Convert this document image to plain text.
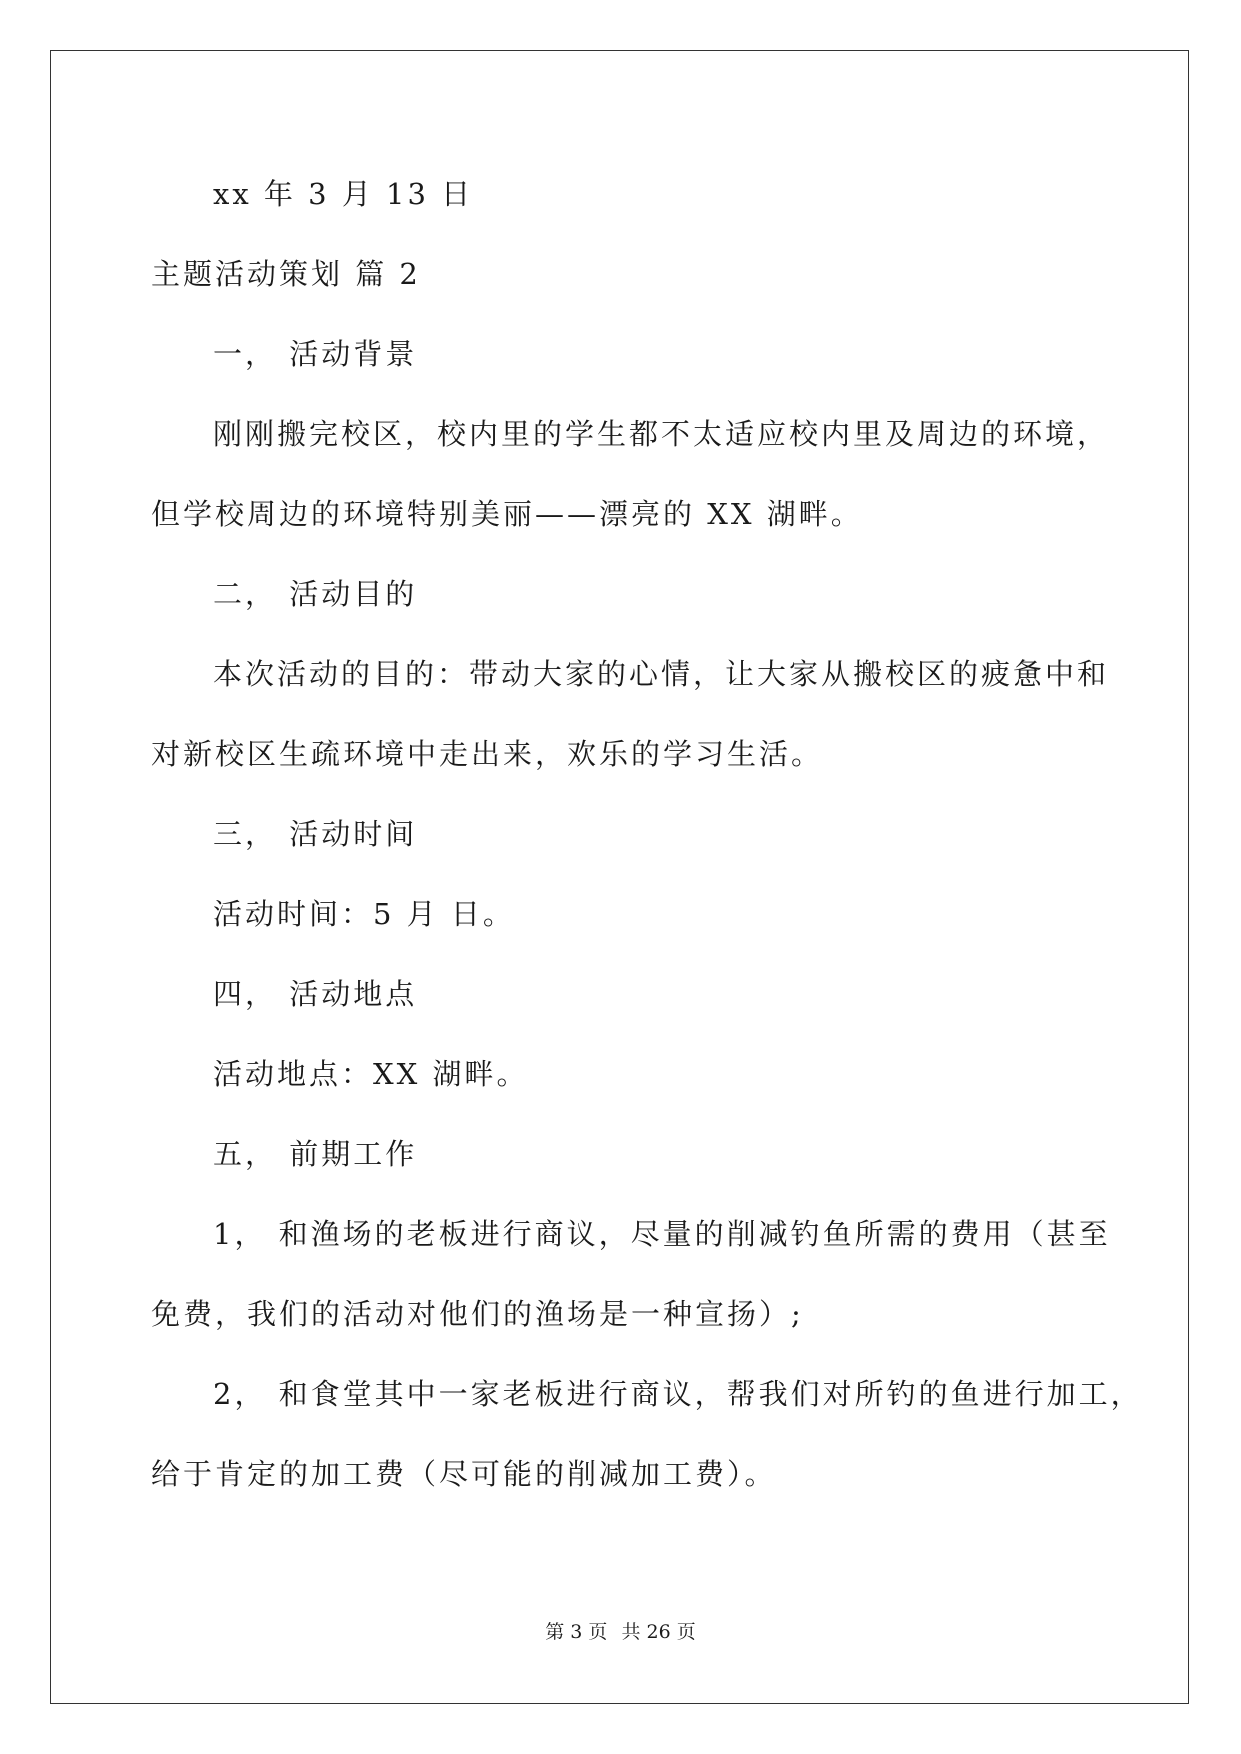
xx 年 3 月 13 日
主题活动策划 篇 2
一， 活动背景
刚刚搬完校区，校内里的学生都不太适应校内里及周边的环境，
但学校周边的环境特别美丽——漂亮的 XX 湖畔。
二， 活动目的
本次活动的目的：带动大家的心情，让大家从搬校区的疲惫中和
对新校区生疏环境中走出来，欢乐的学习生活。
三， 活动时间
活动时间：5 月 日。
四， 活动地点
活动地点：XX 湖畔。
五， 前期工作
1， 和渔场的老板进行商议，尽量的削减钓鱼所需的费用（甚至
免费，我们的活动对他们的渔场是一种宣扬）;
2， 和食堂其中一家老板进行商议，帮我们对所钓的鱼进行加工，
给于肯定的加工费（尽可能的削减加工费）。
第 3 页 共 26 页
